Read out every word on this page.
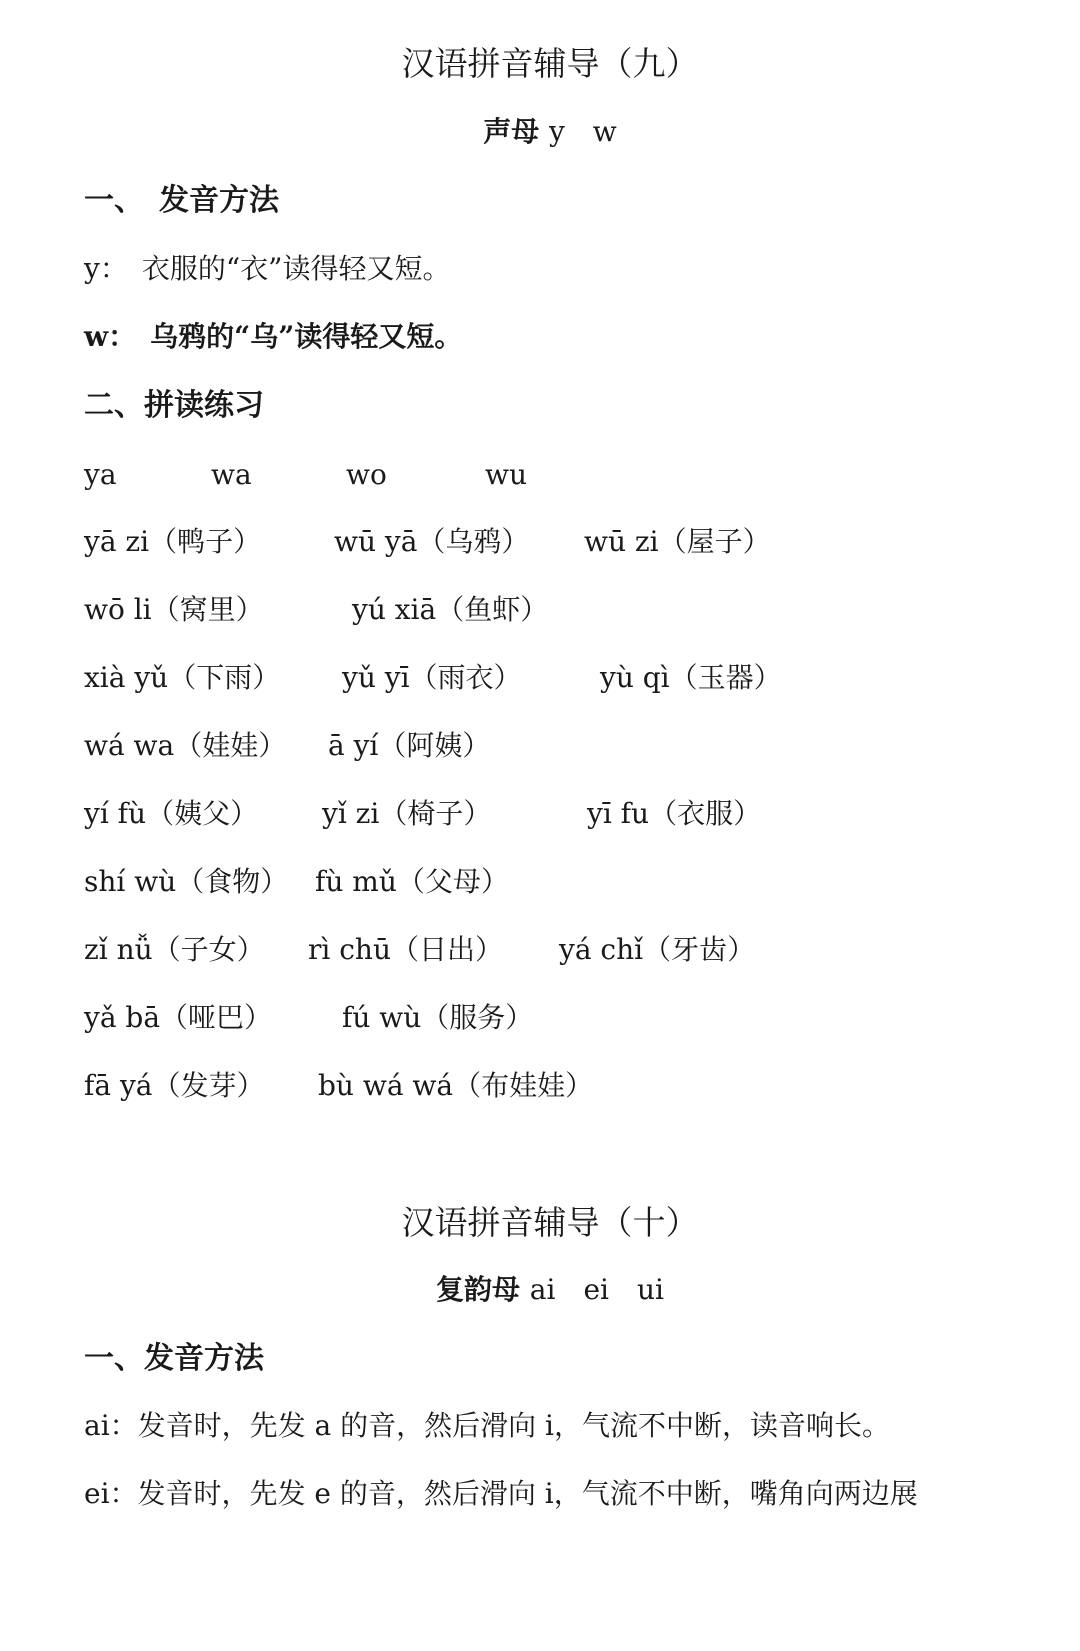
汉语拼音辅导（九）
声母 y　w
一、　发音方法
y：　衣服的“衣”读得轻又短。
w：　乌鸦的“乌”读得轻又短。
二、拼读练习
ya	wa	wo	wu
yā zi（鸭子）	wū yā（乌鸦） wū zi（屋子）
wō li（窝里）	yú xiā（鱼虾）
xià yǔ（下雨） yǔ yī（雨衣）	yù qì（玉器）
wá wa（娃娃） ā yí（阿姨）
yí fù（姨父） yǐ zi（椅子）	yī fu（衣服）
shí wù（食物） fù mǔ（父母）
zǐ nǚ（子女） rì chū（日出） yá chǐ（牙齿）
yǎ bā（哑巴） fú wù（服务）
fā yá（发芽） bù wá wá（布娃娃）
汉语拼音辅导（十）
复韵母 ai　ei　ui
一、发音方法
ai：发音时，先发 a 的音，然后滑向 i，气流不中断，读音响长。
ei：发音时，先发 e 的音，然后滑向 i，气流不中断，嘴角向两边展
